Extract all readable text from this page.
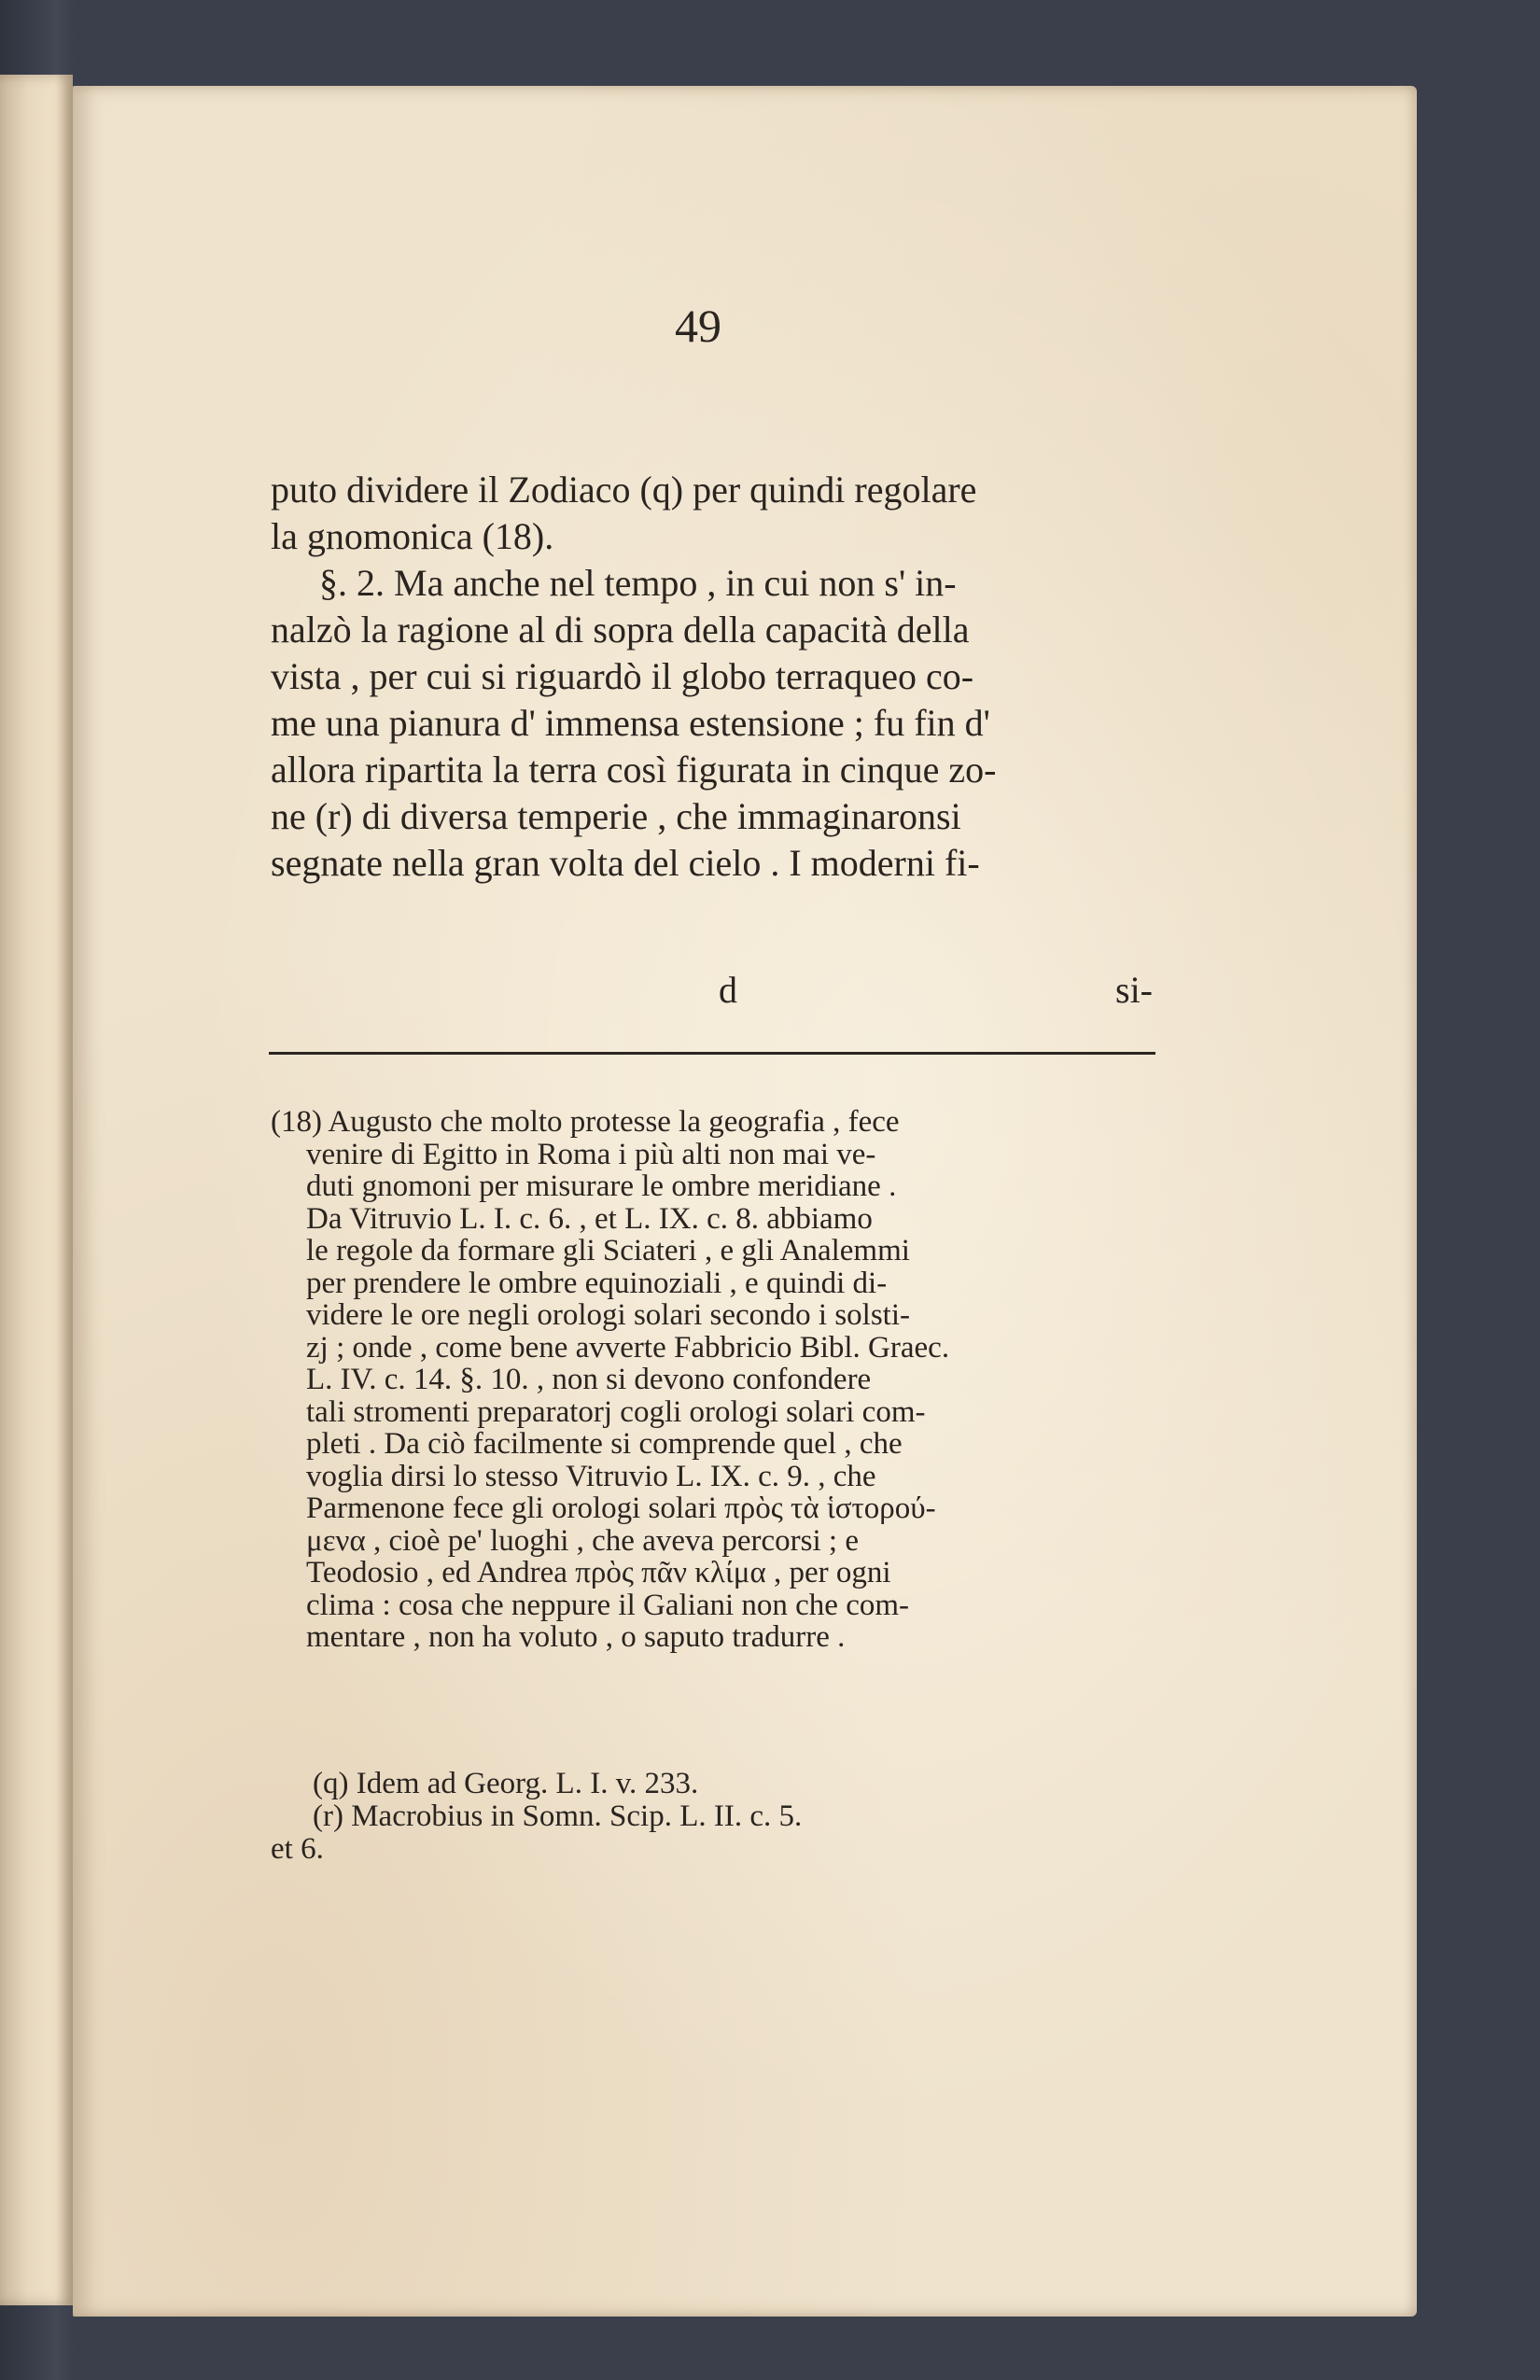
49
puto dividere il Zodiaco (q) per quindi regolare
la gnomonica (18).
§. 2. Ma anche nel tempo , in cui non s' in-
nalzò la ragione al di sopra della capacità della
vista , per cui si riguardò il globo terraqueo co-
me una pianura d' immensa estensione ; fu fin d'
allora ripartita la terra così figurata in cinque zo-
ne (r) di diversa temperie , che immaginaronsi
segnate nella gran volta del cielo . I moderni fi-
d	si-
(18) Augusto che molto protesse la geografia , fece
venire di Egitto in Roma i più alti non mai ve-
duti gnomoni per misurare le ombre meridiane .
Da Vitruvio L. I. c. 6. , et L. IX. c. 8. abbiamo
le regole da formare gli Sciateri , e gli Analemmi
per prendere le ombre equinoziali , e quindi di-
videre le ore negli orologi solari secondo i solsti-
zj ; onde , come bene avverte Fabbricio Bibl. Graec.
L. IV. c. 14. §. 10. , non si devono confondere
tali stromenti preparatorj cogli orologi solari com-
pleti . Da ciò facilmente si comprende quel , che
voglia dirsi lo stesso Vitruvio L. IX. c. 9. , che
Parmenone fece gli orologi solari πρὸς τὰ ἱστορού-
μενα , cioè pe' luoghi , che aveva percorsi ; e
Teodosio , ed Andrea πρὸς πᾶν κλίμα , per ogni
clima : cosa che neppure il Galiani non che com-
mentare , non ha voluto , o saputo tradurre .
(q) Idem ad Georg. L. I. v. 233.
(r) Macrobius in Somn. Scip. L. II. c. 5.
et 6.
